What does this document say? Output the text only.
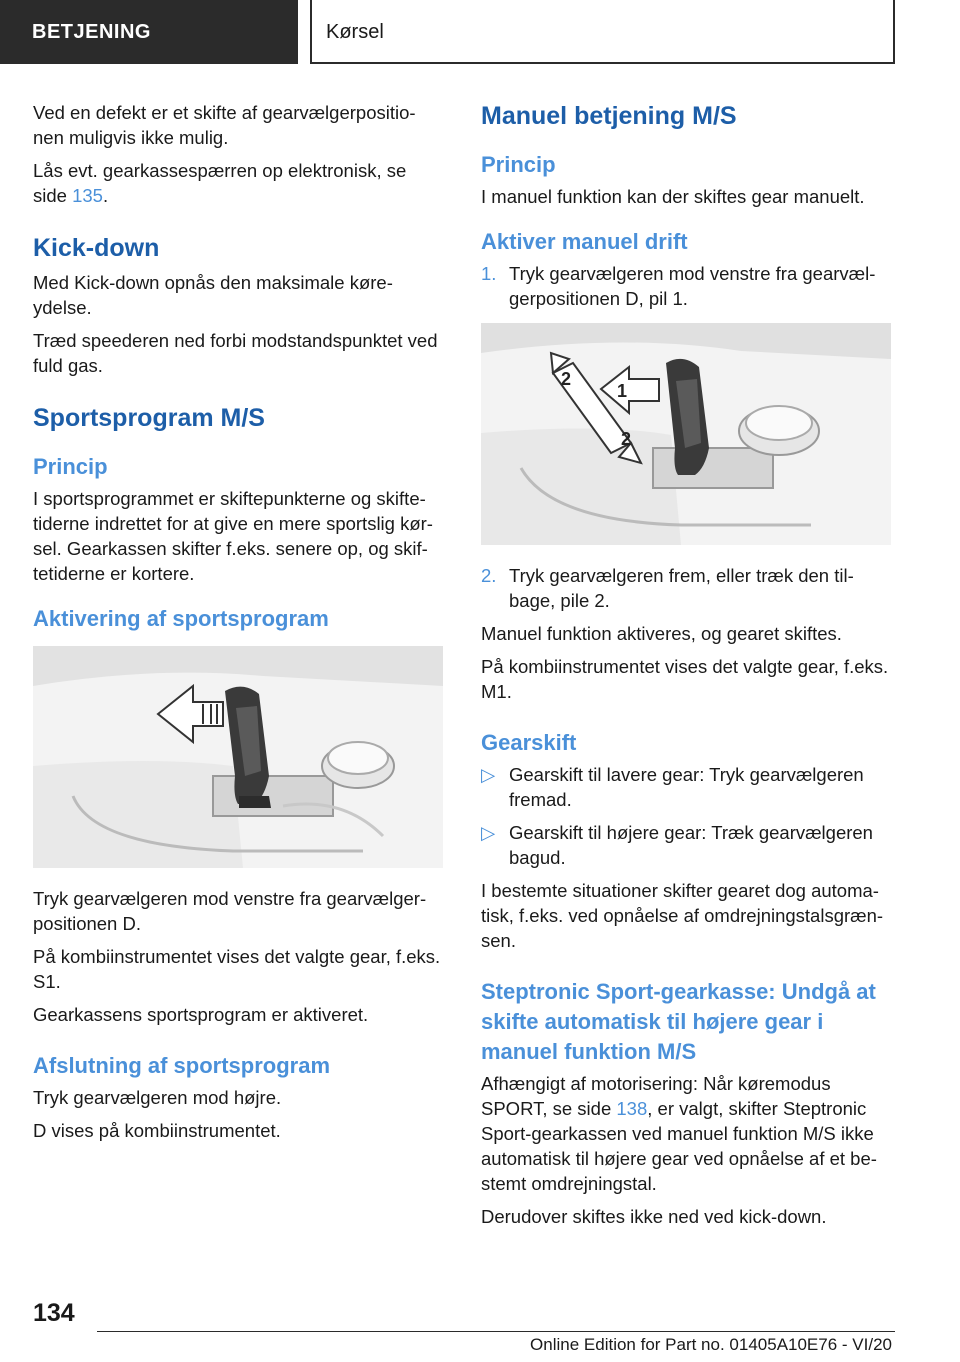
BETJENING	Kørsel

Ved en defekt er et skifte af gearvælgerpositio-nen muligvis ikke mulig.

Lås evt. gearkassespærren op elektronisk, se side 135.

Kick-down

Med Kick-down opnås den maksimale køre-ydelse.

Træd speederen ned forbi modstandspunktet ved fuld gas.

Sportsprogram M/S
Princip

I sportsprogrammet er skiftepunkterne og skifte-tiderne indrettet for at give en mere sportslig kør-sel. Gearkassen skifter f.eks. senere op, og skif-tetiderne er kortere.

Aktivering af sportsprogram

Tryk gearvælgeren mod venstre fra gearvælger-positionen D.

På kombiinstrumentet vises det valgte gear, f.eks. S1.

Gearkassens sportsprogram er aktiveret.

Afslutning af sportsprogram

Tryk gearvælgeren mod højre.

D vises på kombiinstrumentet.

Manuel betjening M/S
Princip

I manuel funktion kan der skiftes gear manuelt.

Aktiver manuel drift
1. Tryk gearvælgeren mod venstre fra gearvæl-gerpositionen D, pil 1.
1
2
2
2. Tryk gearvælgeren frem, eller træk den til-bage, pile 2.

Manuel funktion aktiveres, og gearet skiftes.

På kombiinstrumentet vises det valgte gear, f.eks. M1.

Gearskift
▷ Gearskift til lavere gear: Tryk gearvælgeren fremad.
▷ Gearskift til højere gear: Træk gearvælgeren bagud.

I bestemte situationer skifter gearet dog automa-tisk, f.eks. ved opnåelse af omdrejningstalsgræn-sen.

Steptronic Sport-gearkasse: Undgå at skifte automatisk til højere gear i manuel funktion M/S

Afhængigt af motorisering: Når køremodus SPORT, se side 138, er valgt, skifter Steptronic Sport-gearkassen ved manuel funktion M/S ikke automatisk til højere gear ved opnåelse af et be-stemt omdrejningstal.

Derudover skiftes ikke ned ved kick-down.

134
Online Edition for Part no. 01405A10E76 - VI/20
